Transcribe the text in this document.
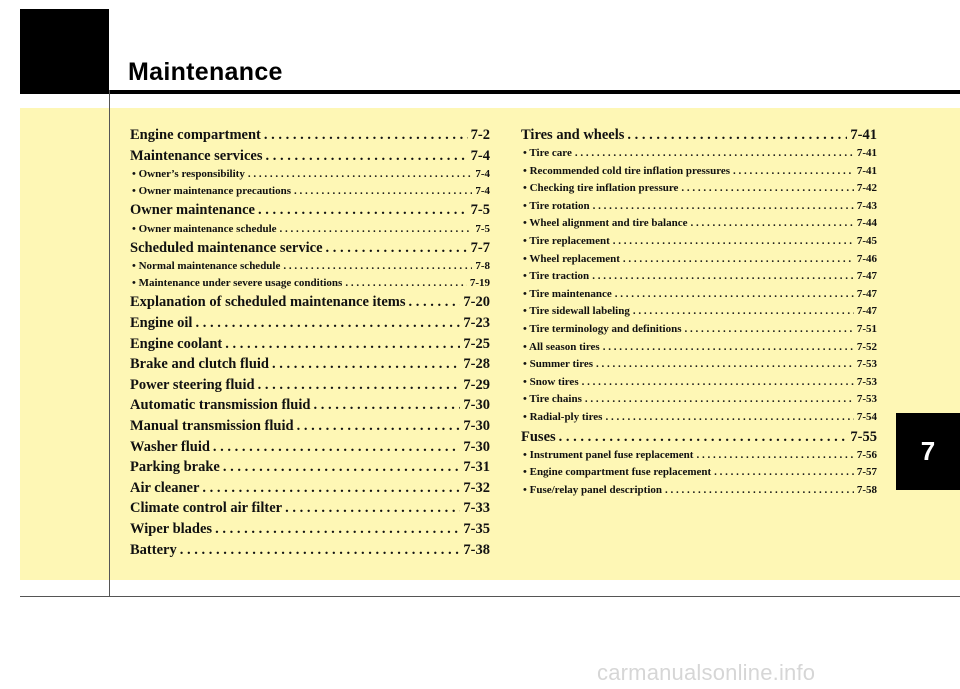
Maintenance
Engine compartment . . .	7-2
Maintenance services . . .	7-4
• Owner’s responsibility . . .	7-4
• Owner maintenance precautions . . .	7-4
Owner maintenance . . .	7-5
• Owner maintenance schedule . . .	7-5
Scheduled maintenance service . . .	7-7
• Normal maintenance schedule . . .	7-8
• Maintenance under severe usage conditions . . .	7-19
Explanation of scheduled maintenance items . . .	7-20
Engine oil . . .	7-23
Engine coolant . . .	7-25
Brake and clutch fluid . . .	7-28
Power steering fluid . . .	7-29
Automatic transmission fluid . . .	7-30
Manual transmission fluid . . .	7-30
Washer fluid . . .	7-30
Parking brake . . .	7-31
Air cleaner . . .	7-32
Climate control air filter . . .	7-33
Wiper blades . . .	7-35
Battery . . .	7-38
Tires and wheels . . .	7-41
• Tire care . . .	7-41
• Recommended cold tire inflation pressures . . .	7-41
• Checking tire inflation pressure . . .	7-42
• Tire rotation . . .	7-43
• Wheel alignment and tire balance . . .	7-44
• Tire replacement . . .	7-45
• Wheel replacement . . .	7-46
• Tire traction . . .	7-47
• Tire maintenance . . .	7-47
• Tire sidewall labeling . . .	7-47
• Tire terminology and definitions . . .	7-51
• All season tires . . .	7-52
• Summer tires . . .	7-53
• Snow tires . . .	7-53
• Tire chains . . .	7-53
• Radial-ply tires . . .	7-54
Fuses . . .	7-55
• Instrument panel fuse replacement . . .	7-56
• Engine compartment fuse replacement . . .	7-57
• Fuse/relay panel description . . .	7-58
7
carmanualsonline.info
